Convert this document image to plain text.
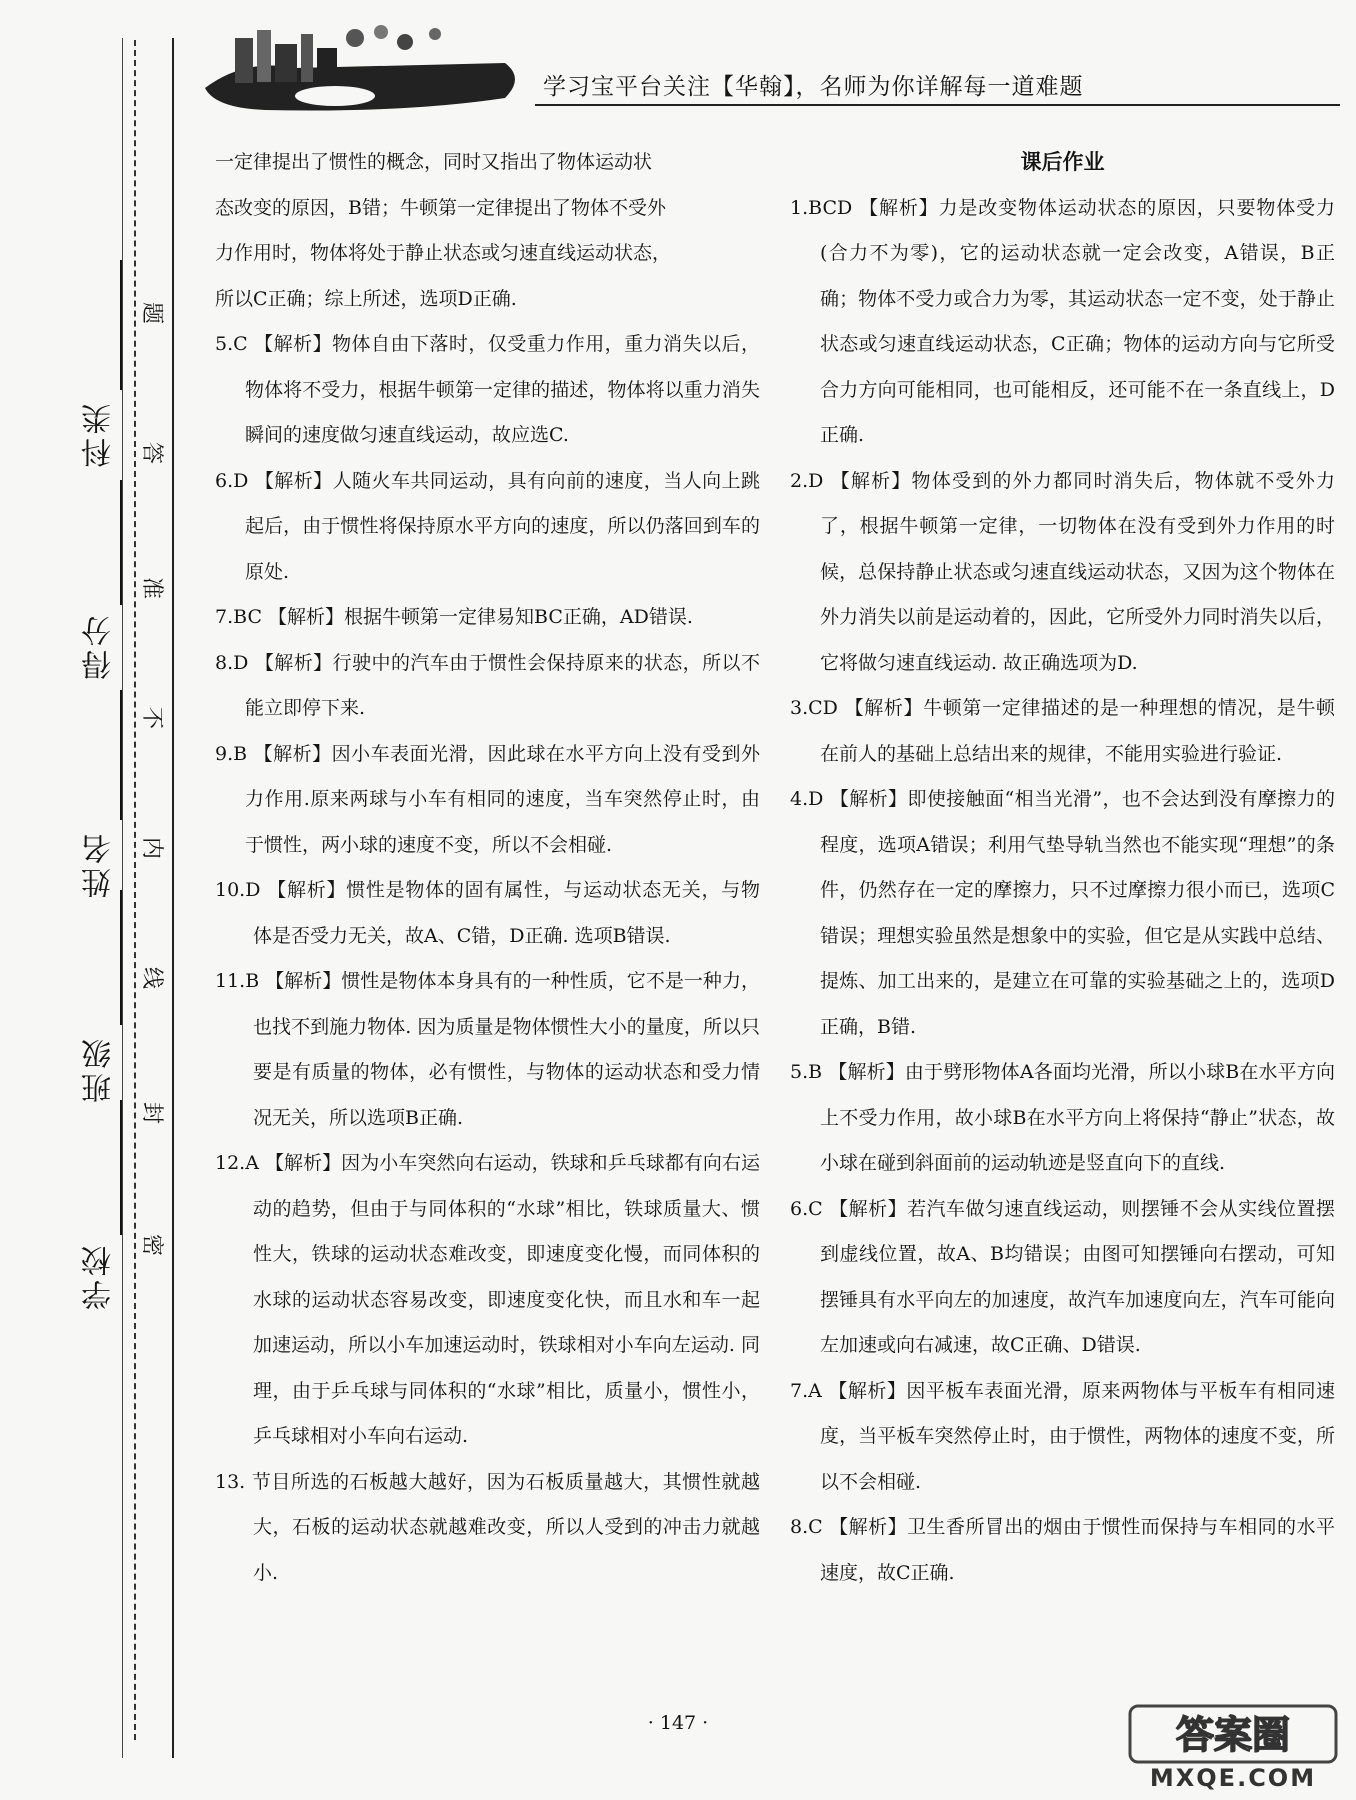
科类
得分
姓名
班级
学校
题
答
准
不
内
线
封
密
学习宝平台关注【华翰】，名师为你详解每一道难题

一定律提出了惯性的概念，同时又指出了物体运动状

态改变的原因，B错；牛顿第一定律提出了物体不受外

力作用时，物体将处于静止状态或匀速直线运动状态，

所以C正确；综上所述，选项D正确.

5.C 【解析】物体自由下落时，仅受重力作用，重力消失以后，物体将不受力，根据牛顿第一定律的描述，物体将以重力消失瞬间的速度做匀速直线运动，故应选C.

6.D 【解析】人随火车共同运动，具有向前的速度，当人向上跳起后，由于惯性将保持原水平方向的速度，所以仍落回到车的原处.

7.BC 【解析】根据牛顿第一定律易知BC正确，AD错误.

8.D 【解析】行驶中的汽车由于惯性会保持原来的状态，所以不能立即停下来.

9.B 【解析】因小车表面光滑，因此球在水平方向上没有受到外力作用.原来两球与小车有相同的速度，当车突然停止时，由于惯性，两小球的速度不变，所以不会相碰.

10.D 【解析】惯性是物体的固有属性，与运动状态无关，与物体是否受力无关，故A、C错，D正确. 选项B错误.

11.B 【解析】惯性是物体本身具有的一种性质，它不是一种力，也找不到施力物体. 因为质量是物体惯性大小的量度，所以只要是有质量的物体，必有惯性，与物体的运动状态和受力情况无关，所以选项B正确.

12.A 【解析】因为小车突然向右运动，铁球和乒乓球都有向右运动的趋势，但由于与同体积的“水球”相比，铁球质量大、惯性大，铁球的运动状态难改变，即速度变化慢，而同体积的水球的运动状态容易改变，即速度变化快，而且水和车一起加速运动，所以小车加速运动时，铁球相对小车向左运动. 同理，由于乒乓球与同体积的“水球”相比，质量小，惯性小，乒乓球相对小车向右运动.

13. 节目所选的石板越大越好，因为石板质量越大，其惯性就越大，石板的运动状态就越难改变，所以人受到的冲击力就越小.

课后作业

1.BCD 【解析】力是改变物体运动状态的原因，只要物体受力(合力不为零)，它的运动状态就一定会改变，A错误，B正确；物体不受力或合力为零，其运动状态一定不变，处于静止状态或匀速直线运动状态，C正确；物体的运动方向与它所受合力方向可能相同，也可能相反，还可能不在一条直线上，D正确.

2.D 【解析】物体受到的外力都同时消失后，物体就不受外力了，根据牛顿第一定律，一切物体在没有受到外力作用的时候，总保持静止状态或匀速直线运动状态，又因为这个物体在外力消失以前是运动着的，因此，它所受外力同时消失以后，它将做匀速直线运动. 故正确选项为D.

3.CD 【解析】牛顿第一定律描述的是一种理想的情况，是牛顿在前人的基础上总结出来的规律，不能用实验进行验证.

4.D 【解析】即使接触面“相当光滑”，也不会达到没有摩擦力的程度，选项A错误；利用气垫导轨当然也不能实现“理想”的条件，仍然存在一定的摩擦力，只不过摩擦力很小而已，选项C错误；理想实验虽然是想象中的实验，但它是从实践中总结、提炼、加工出来的，是建立在可靠的实验基础之上的，选项D正确，B错.

5.B 【解析】由于劈形物体A各面均光滑，所以小球B在水平方向上不受力作用，故小球B在水平方向上将保持“静止”状态，故小球在碰到斜面前的运动轨迹是竖直向下的直线.

6.C 【解析】若汽车做匀速直线运动，则摆锤不会从实线位置摆到虚线位置，故A、B均错误；由图可知摆锤向右摆动，可知摆锤具有水平向左的加速度，故汽车加速度向左，汽车可能向左加速或向右减速，故C正确、D错误.

7.A 【解析】因平板车表面光滑，原来两物体与平板车有相同速度，当平板车突然停止时，由于惯性，两物体的速度不变，所以不会相碰.

8.C 【解析】卫生香所冒出的烟由于惯性而保持与车相同的水平速度，故C正确.

· 147 ·	答案圈
MXQE.COM
